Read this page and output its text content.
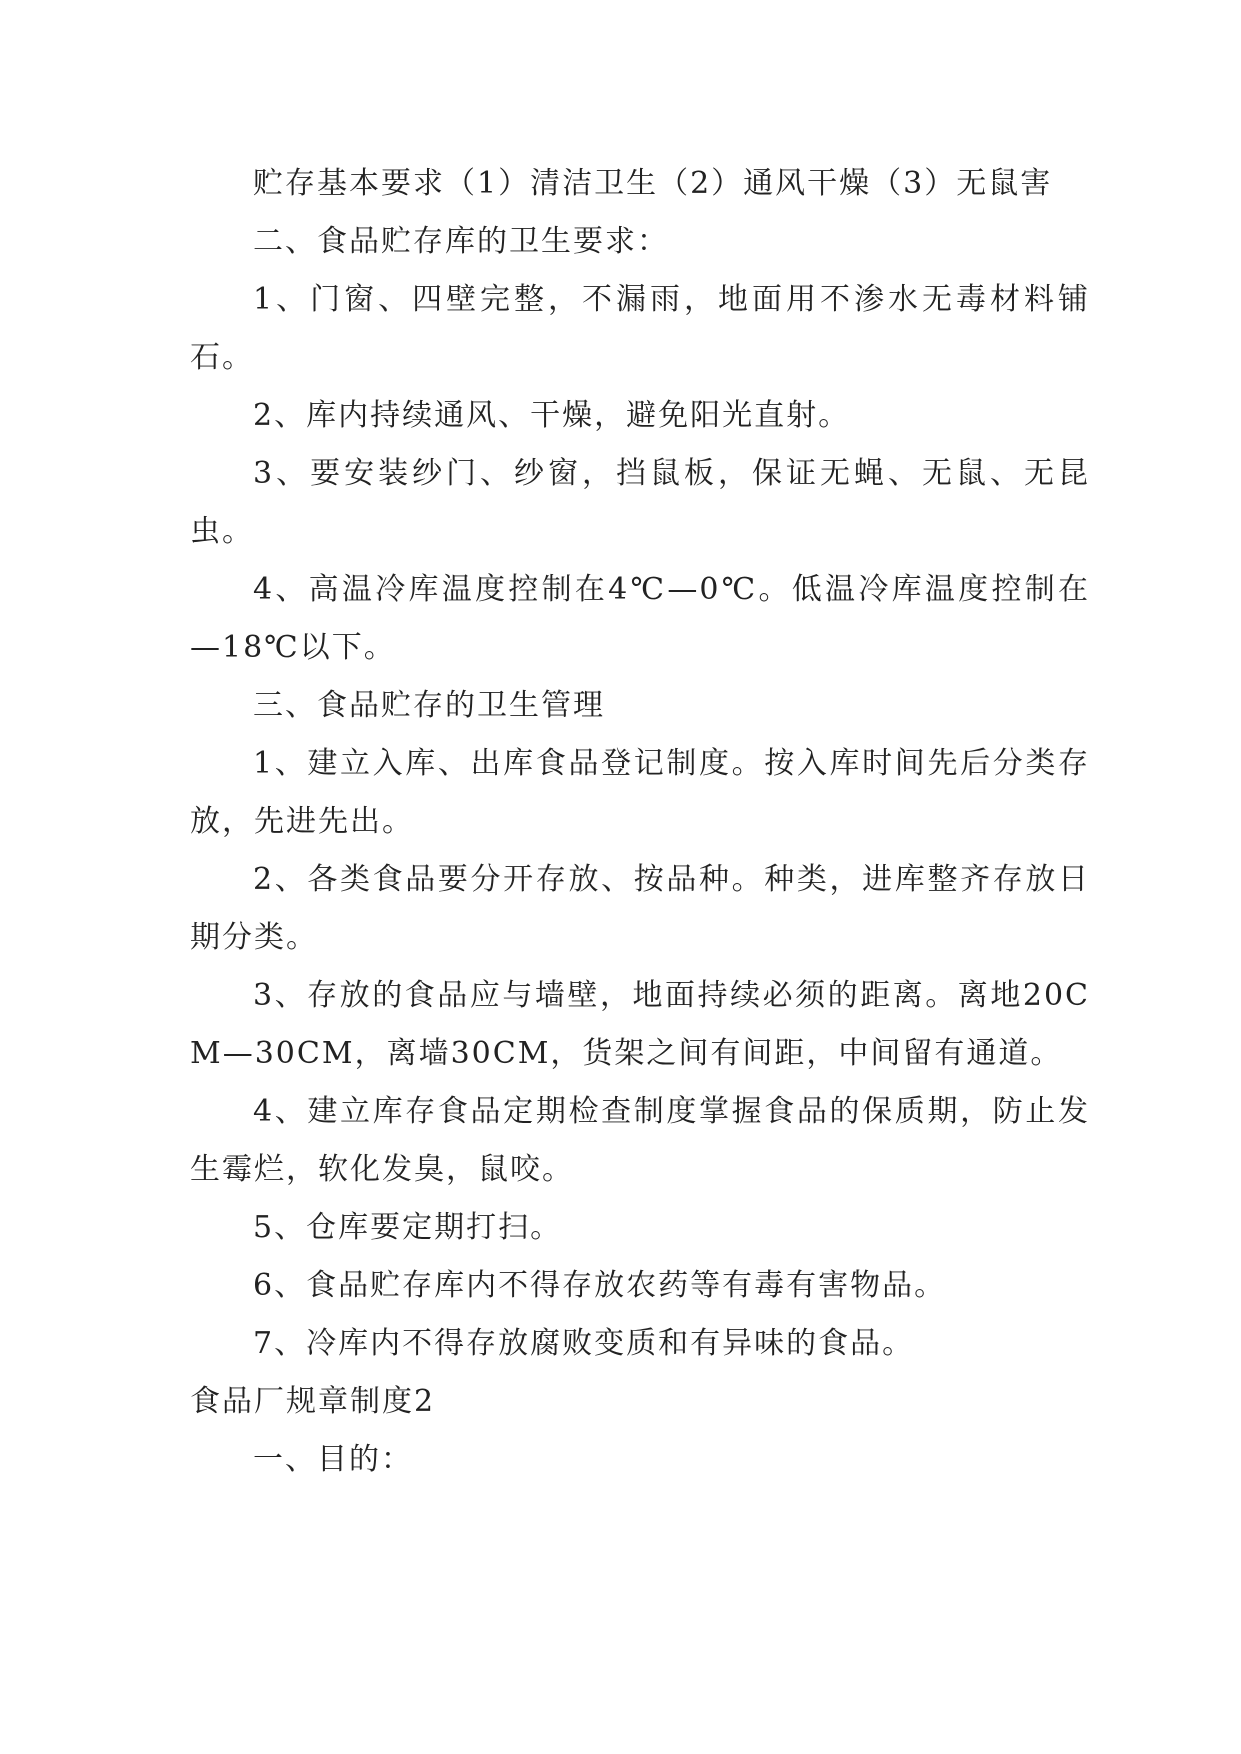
贮存基本要求（1）清洁卫生（2）通风干燥（3）无鼠害

二、食品贮存库的卫生要求：

1、门窗、四壁完整，不漏雨，地面用不渗水无毒材料铺石。

2、库内持续通风、干燥，避免阳光直射。

3、要安装纱门、纱窗，挡鼠板，保证无蝇、无鼠、无昆虫。

4、高温冷库温度控制在4℃—0℃。低温冷库温度控制在—18℃以下。

三、食品贮存的卫生管理

1、建立入库、出库食品登记制度。按入库时间先后分类存放，先进先出。

2、各类食品要分开存放、按品种。种类，进库整齐存放日期分类。

3、存放的食品应与墙壁，地面持续必须的距离。离地20CM—30CM，离墙30CM，货架之间有间距，中间留有通道。

4、建立库存食品定期检查制度掌握食品的保质期，防止发生霉烂，软化发臭，鼠咬。

5、仓库要定期打扫。

6、食品贮存库内不得存放农药等有毒有害物品。

7、冷库内不得存放腐败变质和有异味的食品。

食品厂规章制度2

一、目的：
